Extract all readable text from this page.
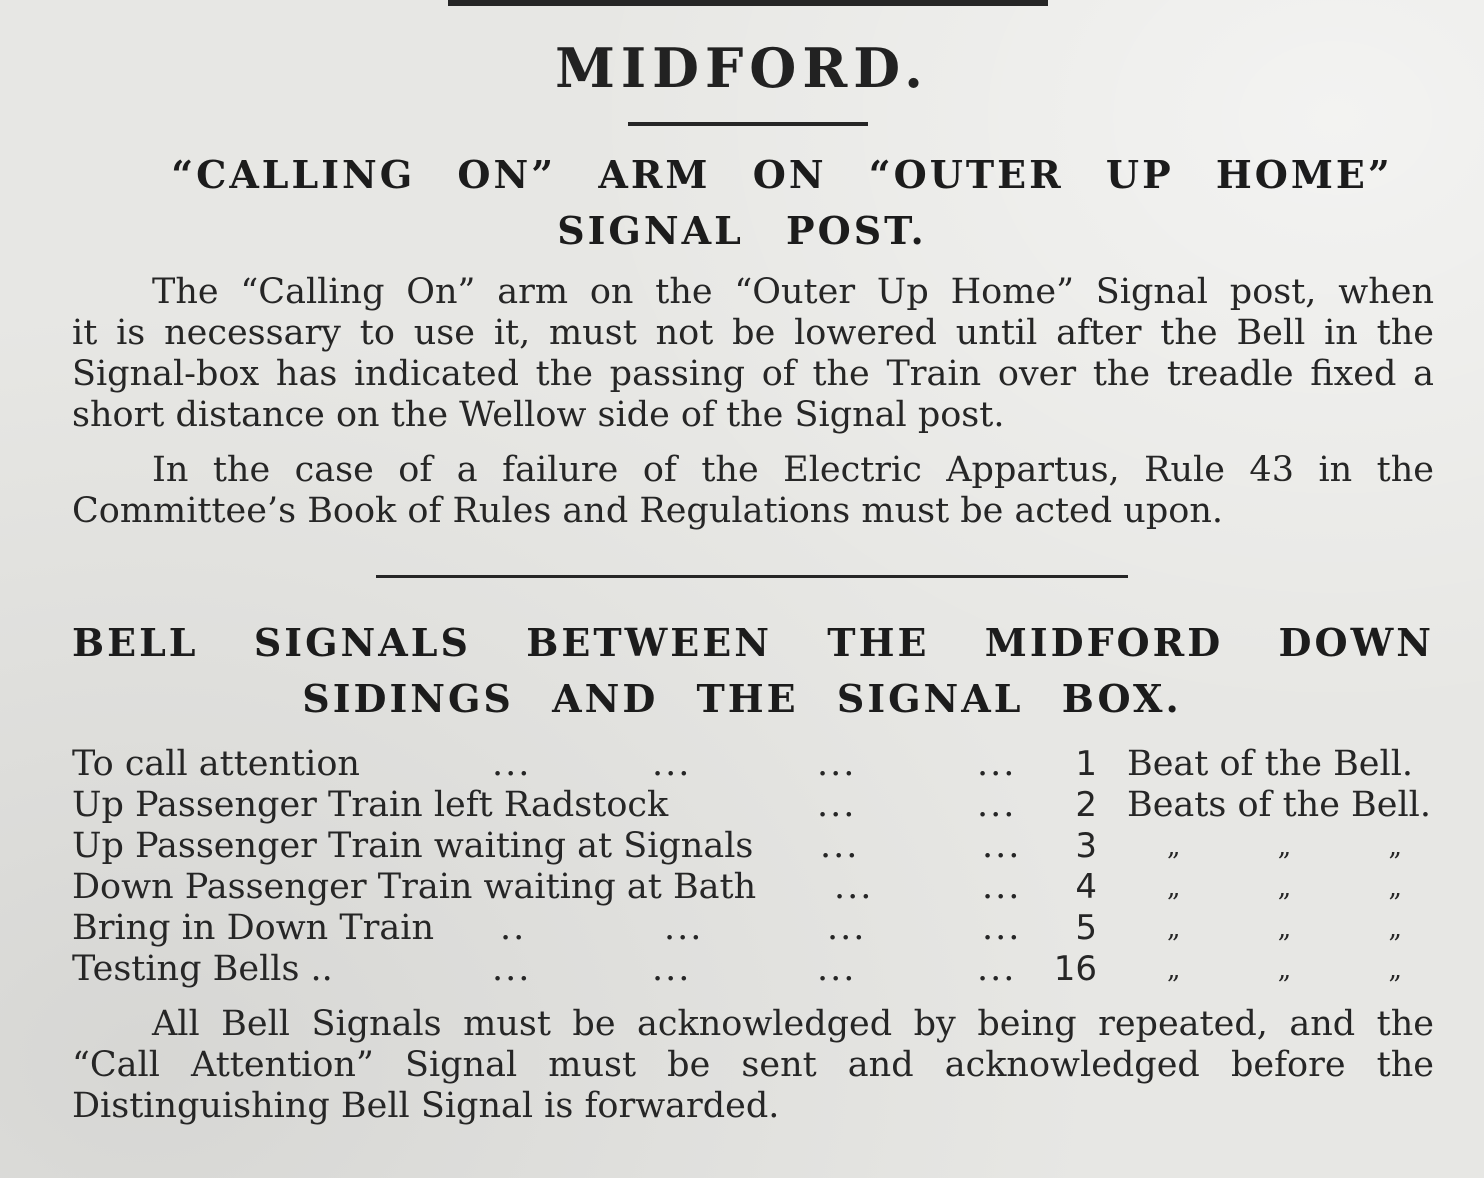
MIDFORD.
“CALLING ON” ARM ON “OUTER UP HOME”
SIGNAL POST.
The “Calling On” arm on the “Outer Up Home” Signal post, when
it is necessary to use it, must not be lowered until after the Bell in the
Signal-box has indicated the passing of the Train over the treadle fixed a
short distance on the Wellow side of the Signal post.
In the case of a failure of the Electric Appartus, Rule 43 in the
Committee’s Book of Rules and Regulations must be acted upon.
BELL SIGNALS BETWEEN THE MIDFORD DOWN
SIDINGS AND THE SIGNAL BOX.
To call attention	...	...	...	...	1 Beat of the Bell.
Up Passenger Train left Radstock	...	...	2 Beats of the Bell.
Up Passenger Train waiting at Signals ...	...	3	„	„	„
Down Passenger Train waiting at Bath ...	...	4	„	„	„
Bring in Down Train ..	...	...	...	5	„	„	„
Testing Bells ..	...	...	...	...	16	„	„	„
All Bell Signals must be acknowledged by being repeated, and the
“Call Attention” Signal must be sent and acknowledged before the
Distinguishing Bell Signal is forwarded.
